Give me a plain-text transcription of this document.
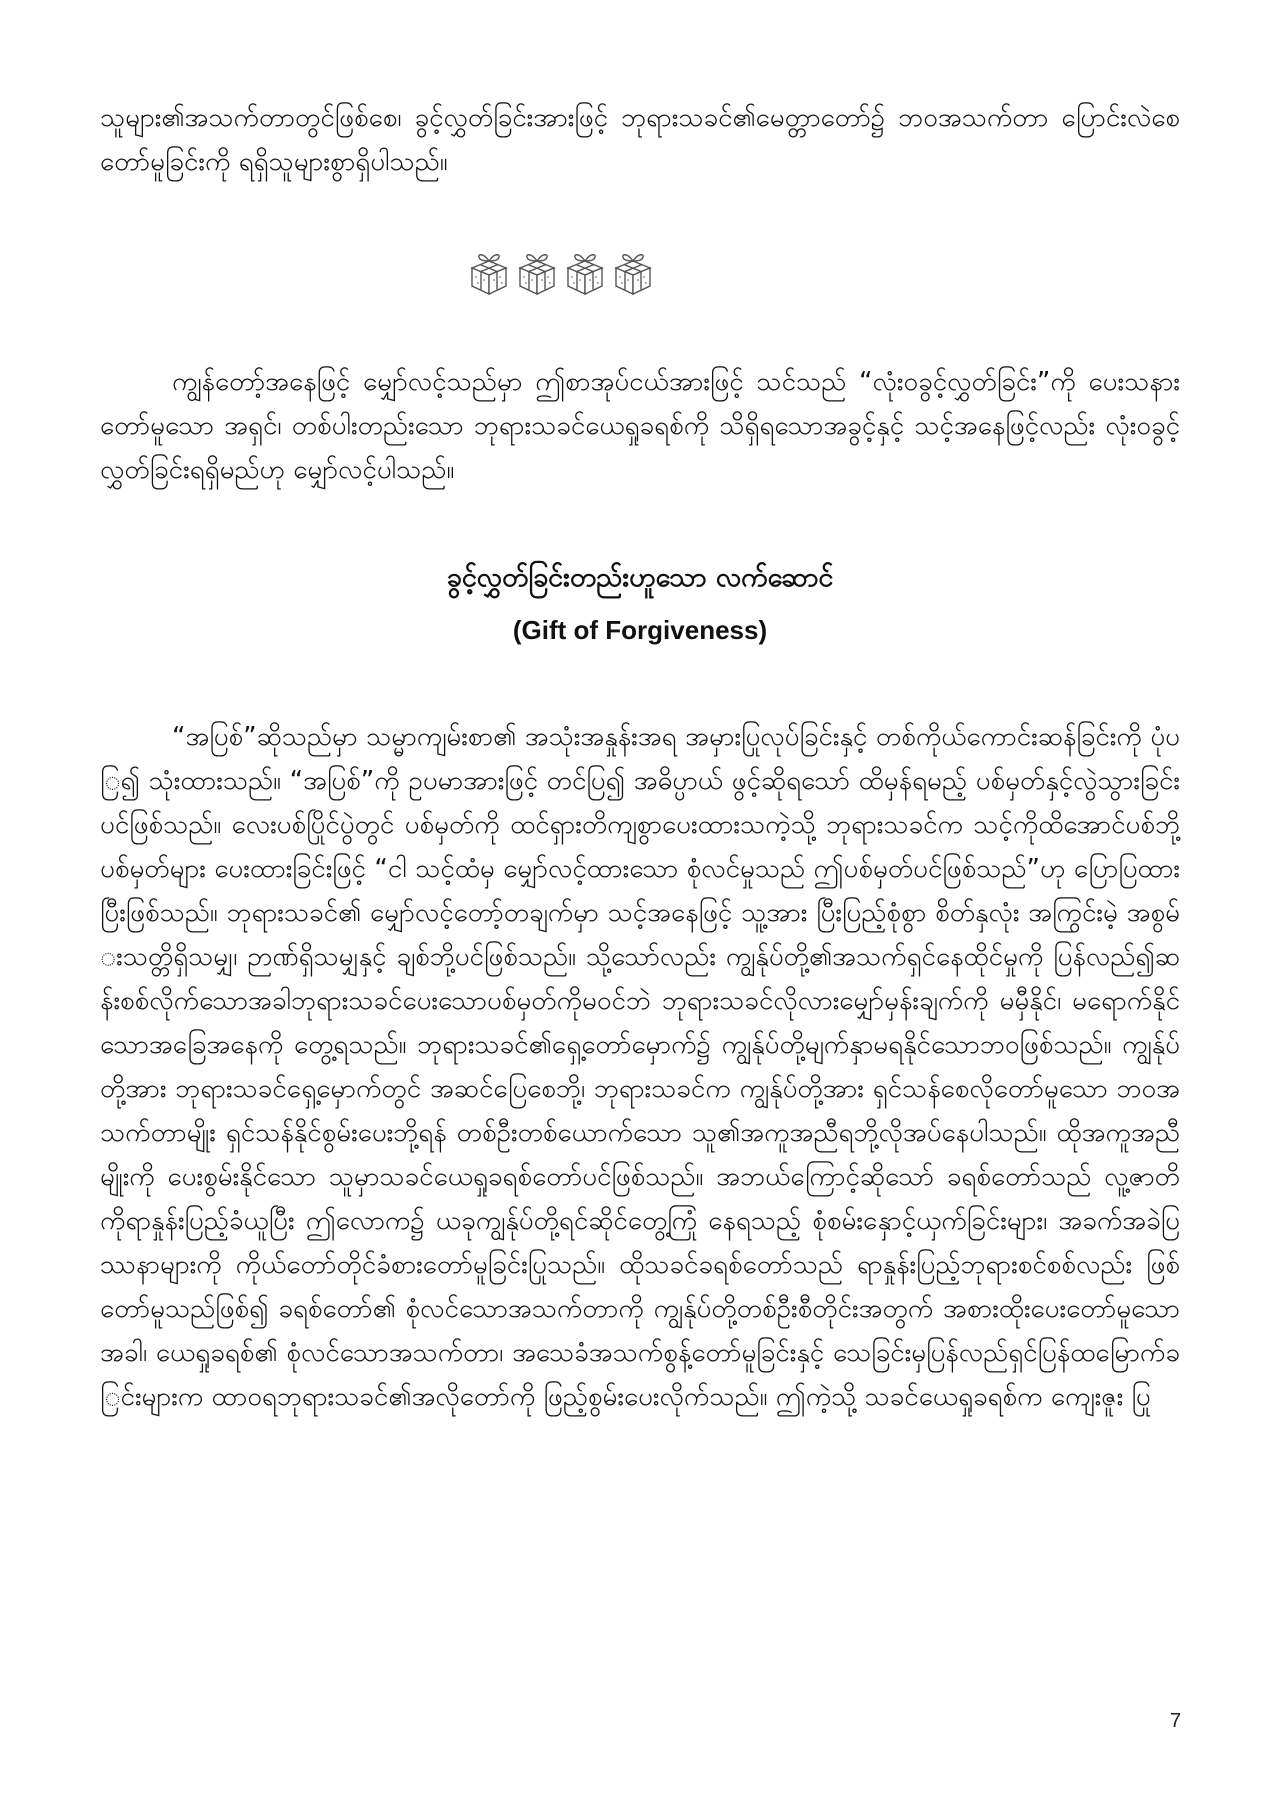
သူများ၏အသက်တာတွင်ဖြစ်စေ၊ ခွင့်လွှတ်ခြင်းအားဖြင့် ဘုရားသခင်၏မေတ္တာတော်၌ ဘဝအသက်တာ ပြောင်းလဲစေတော်မူခြင်းကို ရရှိသူများစွာရှိပါသည်။

ကျွန်တော့်အနေဖြင့် မျှော်လင့်သည်မှာ ဤစာအုပ်ငယ်အားဖြင့် သင်သည် “လုံးဝခွင့်လွှတ်ခြင်း”ကို ပေးသနားတော်မူသော အရှင်၊ တစ်ပါးတည်းသော ဘုရားသခင်ယေရှုခရစ်ကို သိရှိရသောအခွင့်နှင့် သင့်အနေဖြင့်လည်း လုံးဝခွင့်လွှတ်ခြင်းရရှိမည်ဟု မျှော်လင့်ပါသည်။

ခွင့်လွှတ်ခြင်းတည်းဟူသော လက်ဆောင်
(Gift of Forgiveness)

“အပြစ်”ဆိုသည်မှာ သမ္မာကျမ်းစာ၏ အသုံးအနှုန်းအရ အမှားပြုလုပ်ခြင်းနှင့် တစ်ကိုယ်ကောင်းဆန်ခြင်းကို ပုံပြ၍ သုံးထားသည်။ “အပြစ်”ကို ဥပမာအားဖြင့် တင်ပြ၍ အဓိပ္ပာယ် ဖွင့်ဆိုရသော် ထိမှန်ရမည့် ပစ်မှတ်နှင့်လွဲသွားခြင်းပင်ဖြစ်သည်။ လေးပစ်ပြိုင်ပွဲတွင် ပစ်မှတ်ကို ထင်ရှားတိကျစွာပေးထားသကဲ့သို့ ဘုရားသခင်က သင့်ကိုထိအောင်ပစ်ဘို့ ပစ်မှတ်များ ပေးထားခြင်းဖြင့် “ငါ သင့်ထံမှ မျှော်လင့်ထားသော စုံလင်မှုသည် ဤပစ်မှတ်ပင်ဖြစ်သည်”ဟု ပြောပြထားပြီးဖြစ်သည်။ ဘုရားသခင်၏ မျှော်လင့်တော့်တချက်မှာ သင့်အနေဖြင့် သူ့အား ပြီးပြည့်စုံစွာ စိတ်နှလုံး အကြွင်းမဲ့ အစွမ်းသတ္တိရှိသမျှ၊ ဉာဏ်ရှိသမျှနှင့် ချစ်ဘို့ပင်ဖြစ်သည်။ သို့သော်လည်း ကျွန်ုပ်တို့၏အသက်ရှင်နေထိုင်မှုကို ပြန်လည်၍ဆန်းစစ်လိုက်သောအခါဘုရားသခင်ပေးသောပစ်မှတ်ကိုမဝင်ဘဲ ဘုရားသခင်လိုလားမျှော်မှန်းချက်ကို မမှီနိုင်၊ မရောက်နိုင်သောအခြေအနေကို တွေ့ရသည်။ ဘုရားသခင်၏ရှေ့တော်မှောက်၌ ကျွန်ုပ်တို့မျက်နှာမရနိုင်သောဘဝဖြစ်သည်။ ကျွန်ုပ်တို့အား ဘုရားသခင်ရှေ့မှောက်တွင် အဆင်ပြေစေဘို့၊ ဘုရားသခင်က ကျွန်ုပ်တို့အား ရှင်သန်စေလိုတော်မူသော ဘဝအသက်တာမျိုး ရှင်သန်နိုင်စွမ်းပေးဘို့ရန် တစ်ဦးတစ်ယောက်သော သူ၏အကူအညီရဘို့လိုအပ်နေပါသည်။ ထိုအကူအညီမျိုးကို ပေးစွမ်းနိုင်သော သူမှာသခင်ယေရှုခရစ်တော်ပင်ဖြစ်သည်။ အဘယ်ကြောင့်ဆိုသော် ခရစ်တော်သည် လူ့ဇာတိကိုရာနှုန်းပြည့်ခံယူပြီး ဤလောက၌ ယခုကျွန်ုပ်တို့ရင်ဆိုင်တွေ့ကြုံ နေရသည့် စုံစမ်းနှောင့်ယှက်ခြင်းများ၊ အခက်အခဲပြဿနာများကို ကိုယ်တော်တိုင်ခံစားတော်မူခြင်းပြုသည်။ ထိုသခင်ခရစ်တော်သည် ရာနှုန်းပြည့်ဘုရားစင်စစ်လည်း ဖြစ်တော်မူသည်ဖြစ်၍ ခရစ်တော်၏ စုံလင်သောအသက်တာကို ကျွန်ုပ်တို့တစ်ဦးစီတိုင်းအတွက် အစားထိုးပေးတော်မူသောအခါ၊ ယေရှုခရစ်၏ စုံလင်သောအသက်တာ၊ အသေခံအသက်စွန့်တော်မူခြင်းနှင့် သေခြင်းမှပြန်လည်ရှင်ပြန်ထမြောက်ခြင်းများက ထာဝရဘုရားသခင်၏အလိုတော်ကို ဖြည့်စွမ်းပေးလိုက်သည်။ ဤကဲ့သို့ သခင်ယေရှုခရစ်က ကျေးဇူး ပြု

7
